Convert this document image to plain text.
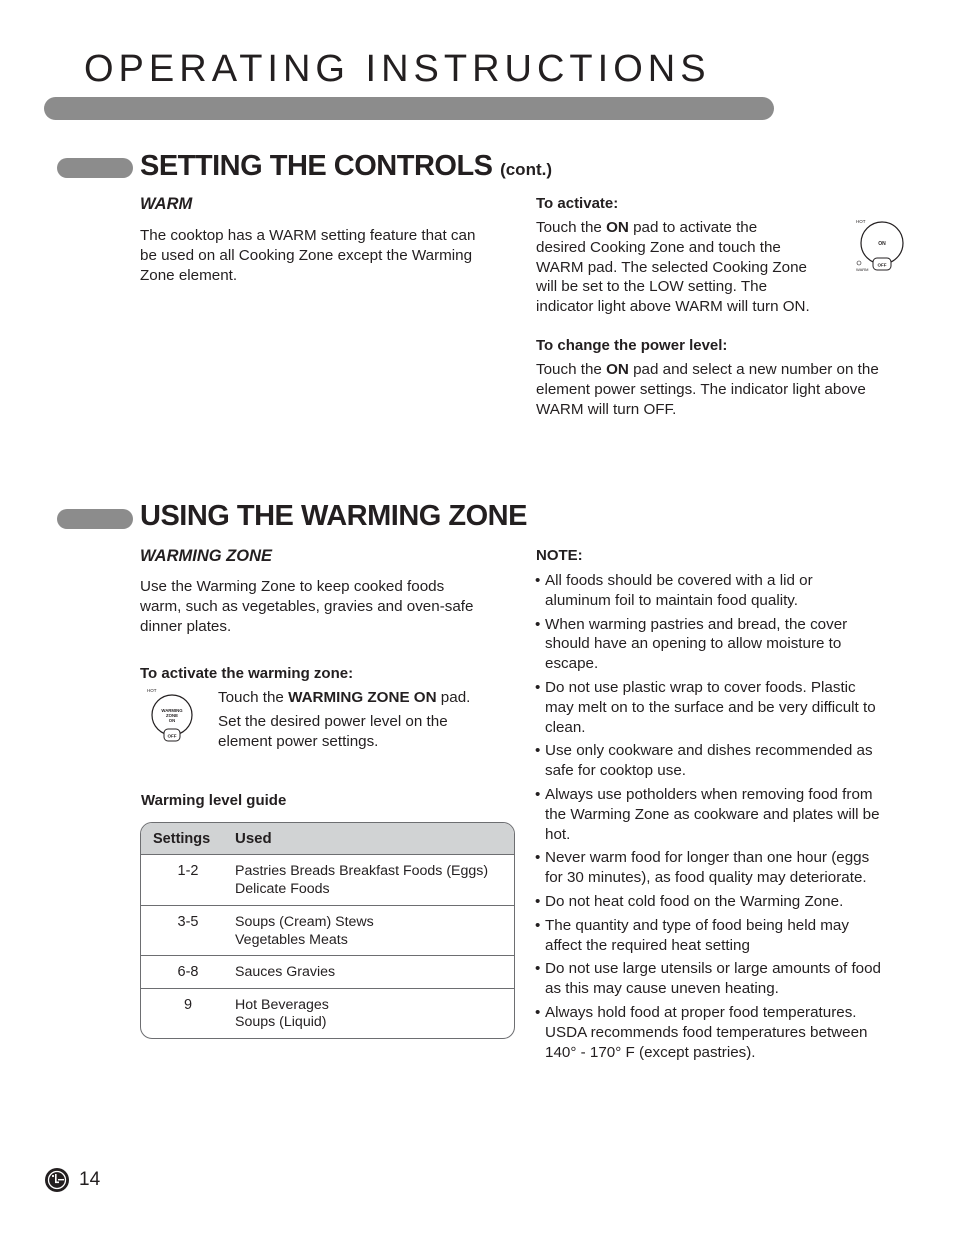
OPERATING INSTRUCTIONS
SETTING THE CONTROLS (cont.)
WARM

The cooktop has a WARM setting feature that can
be used on all Cooking Zone except the Warming
Zone element.

To activate:

Touch the ON pad to activate the
desired Cooking Zone and touch the
WARM pad. The selected Cooking Zone
will be set to the LOW setting. The
indicator light above WARM will turn ON.

HOT
ON
WARM
OFF
To change the power level:

Touch the ON pad and select a new number on the
element power settings. The indicator light above
WARM will turn OFF.

USING THE WARMING ZONE
WARMING ZONE

Use the Warming Zone to keep cooked foods
warm, such as vegetables, gravies and oven-safe
dinner plates.

To activate the warming zone:
HOT
WARMING
ZONE
ON
OFF

Touch the WARMING ZONE ON pad.

Set the desired power level on the
element power settings.

Warming level guide
Settings	Used
1-2	Pastries Breads Breakfast Foods (Eggs)
Delicate Foods

3-5	Soups (Cream) Stews
Vegetables Meats

6-8	Sauces Gravies

9	Hot Beverages
Soups (Liquid)
NOTE:
• All foods should be covered with a lid or
aluminum foil to maintain food quality.
• When warming pastries and bread, the cover
should have an opening to allow moisture to
escape.
• Do not use plastic wrap to cover foods. Plastic
may melt on to the surface and be very difficult to
clean.
• Use only cookware and dishes recommended as
safe for cooktop use.
• Always use potholders when removing food from
the Warming Zone as cookware and plates will be
hot.
• Never warm food for longer than one hour (eggs
for 30 minutes), as food quality may deteriorate.
• Do not heat cold food on the Warming Zone.
• The quantity and type of food being held may
affect the required heat setting
• Do not use large utensils or large amounts of food
as this may cause uneven heating.
• Always hold food at proper food temperatures.
USDA recommends food temperatures between
140° - 170° F (except pastries).
14
